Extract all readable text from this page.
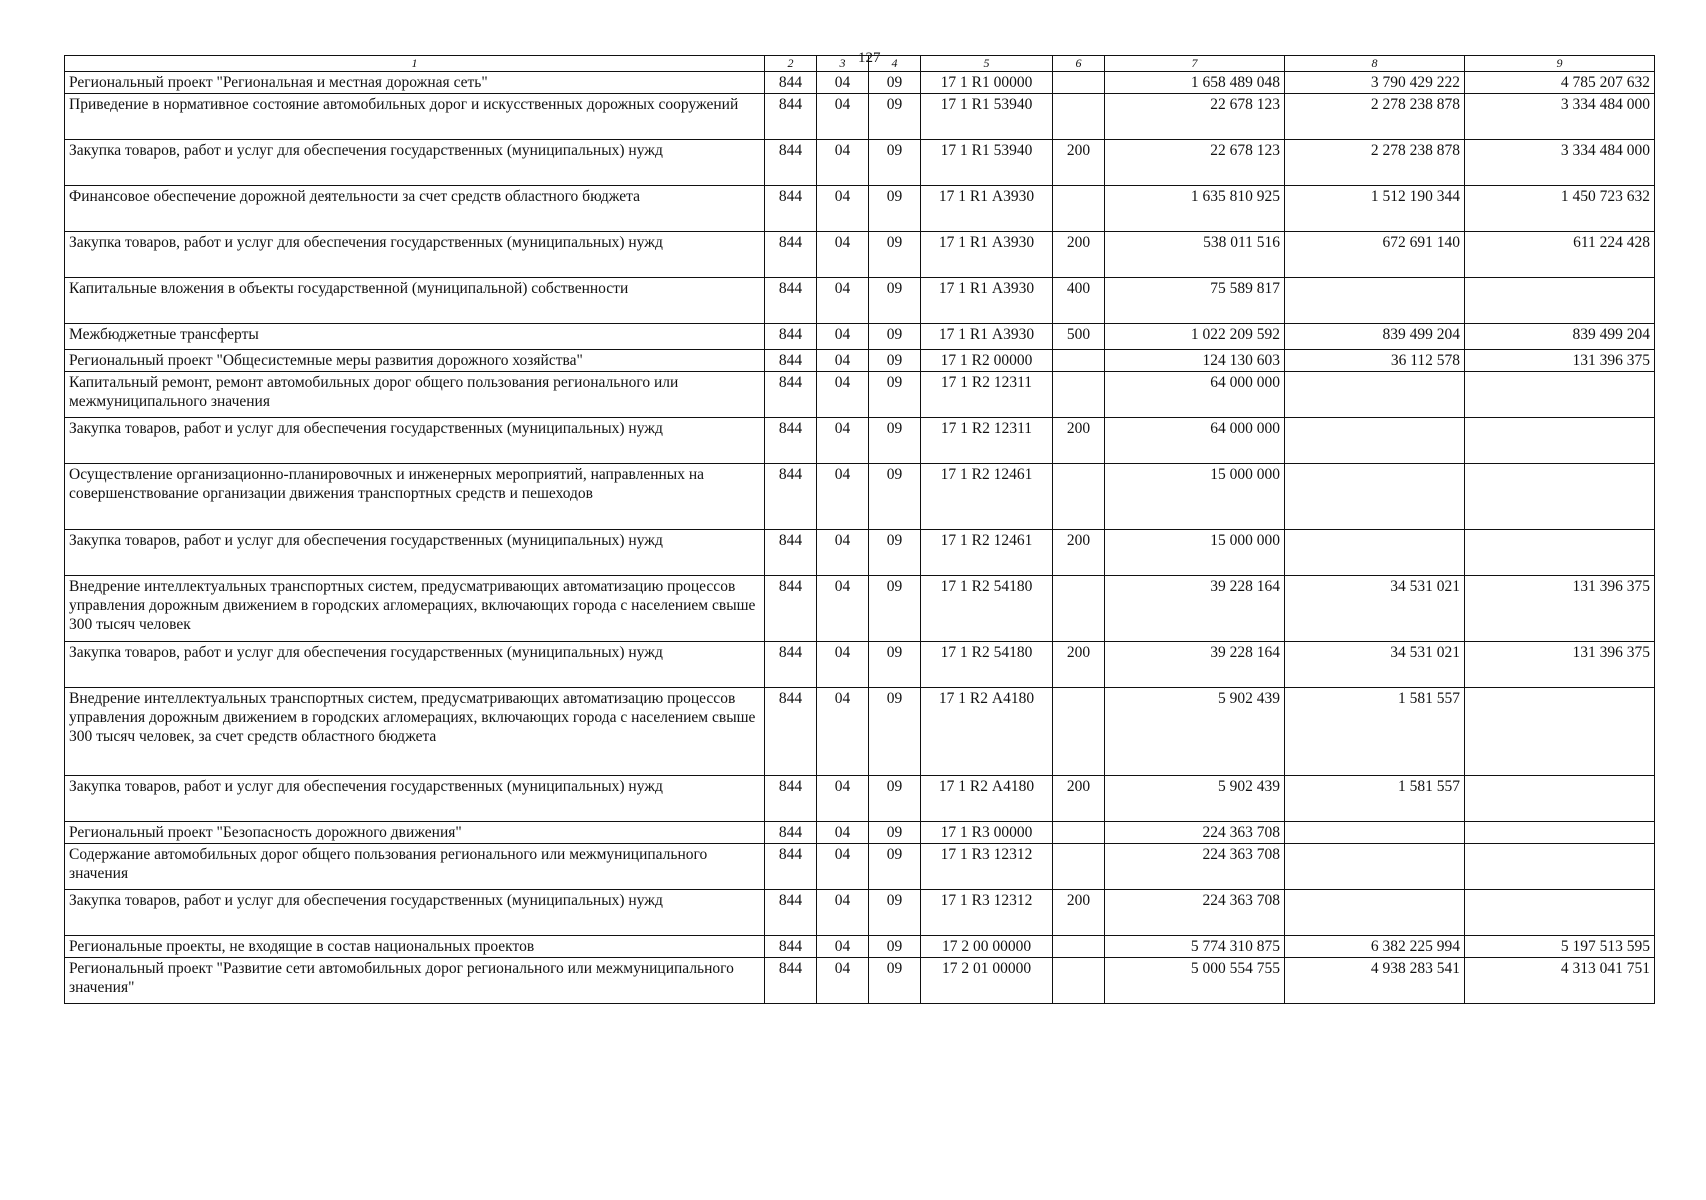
127
1	2	3	4	5	6	7	8	9
Региональный проект "Региональная и местная дорожная сеть"	844	04	09	17 1 R1 00000		1 658 489 048	3 790 429 222	4 785 207 632
Приведение в нормативное состояние автомобильных дорог и искусственных дорожных сооружений	844	04	09	17 1 R1 53940		22 678 123	2 278 238 878	3 334 484 000
Закупка товаров, работ и услуг для обеспечения государственных (муниципальных) нужд	844	04	09	17 1 R1 53940	200	22 678 123	2 278 238 878	3 334 484 000
Финансовое обеспечение дорожной деятельности за счет средств областного бюджета	844	04	09	17 1 R1 А3930		1 635 810 925	1 512 190 344	1 450 723 632
Закупка товаров, работ и услуг для обеспечения государственных (муниципальных) нужд	844	04	09	17 1 R1 А3930	200	538 011 516	672 691 140	611 224 428
Капитальные вложения в объекты государственной (муниципальной) собственности	844	04	09	17 1 R1 А3930	400	75 589 817		
Межбюджетные трансферты	844	04	09	17 1 R1 А3930	500	1 022 209 592	839 499 204	839 499 204
Региональный проект "Общесистемные меры развития дорожного хозяйства"	844	04	09	17 1 R2 00000		124 130 603	36 112 578	131 396 375
Капитальный ремонт, ремонт автомобильных дорог общего пользования регионального или межмуниципального значения	844	04	09	17 1 R2 12311		64 000 000		
Закупка товаров, работ и услуг для обеспечения государственных (муниципальных) нужд	844	04	09	17 1 R2 12311	200	64 000 000		
Осуществление организационно-планировочных и инженерных мероприятий, направленных на совершенствование организации движения транспортных средств и пешеходов	844	04	09	17 1 R2 12461		15 000 000		
Закупка товаров, работ и услуг для обеспечения государственных (муниципальных) нужд	844	04	09	17 1 R2 12461	200	15 000 000		
Внедрение интеллектуальных транспортных систем, предусматривающих автоматизацию процессов управления дорожным движением в городских агломерациях, включающих города с населением свыше 300 тысяч человек	844	04	09	17 1 R2 54180		39 228 164	34 531 021	131 396 375
Закупка товаров, работ и услуг для обеспечения государственных (муниципальных) нужд	844	04	09	17 1 R2 54180	200	39 228 164	34 531 021	131 396 375
Внедрение интеллектуальных транспортных систем, предусматривающих автоматизацию процессов управления дорожным движением в городских агломерациях, включающих города с населением свыше 300 тысяч человек, за счет средств областного бюджета	844	04	09	17 1 R2 А4180		5 902 439	1 581 557	
Закупка товаров, работ и услуг для обеспечения государственных (муниципальных) нужд	844	04	09	17 1 R2 А4180	200	5 902 439	1 581 557	
Региональный проект "Безопасность дорожного движения"	844	04	09	17 1 R3 00000		224 363 708		
Содержание автомобильных дорог общего пользования регионального или межмуниципального значения	844	04	09	17 1 R3 12312		224 363 708		
Закупка товаров, работ и услуг для обеспечения государственных (муниципальных) нужд	844	04	09	17 1 R3 12312	200	224 363 708		
Региональные проекты, не входящие в состав национальных проектов	844	04	09	17 2 00 00000		5 774 310 875	6 382 225 994	5 197 513 595
Региональный проект "Развитие сети автомобильных дорог регионального или межмуниципального значения"	844	04	09	17 2 01 00000		5 000 554 755	4 938 283 541	4 313 041 751
